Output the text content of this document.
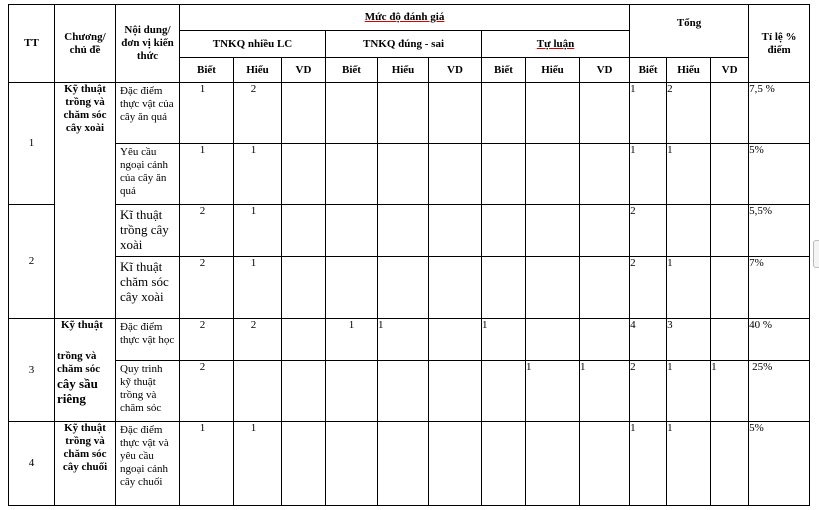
TT	Chương/ chủ đề	Nội dung/ đơn vị kiến thức	Mức độ đánh giá									Tổng			Tỉ lệ % điểm
			TNKQ nhiều LC			TNKQ đúng - sai			Tự luận						
			Biết	Hiểu	VD	Biết	Hiểu	VD	Biết	Hiểu	VD	Biết	Hiểu	VD	
1	Kỹ thuật trồng và chăm sóc cây xoài	Đặc điểm thực vật của cây ăn quả	1	2								1	2		7,5 %
		Yêu cầu ngoại cảnh của cây ăn quả	1	1								1	1		5%
2		Kĩ thuật trồng cây xoài	2	1								2			5,5%
		Kĩ thuật chăm sóc cây xoài	2	1								2	1		7%
3	Kỹ thuật
trồng và chăm sóc
cây sầu riêng	Đặc điểm thực vật học	2	2		1	1		1			4	3		40 %
		Quy trình kỹ thuật trồng và chăm sóc	2							1	1	2	1	1	25%
4	Kỹ thuật trồng và chăm sóc cây chuối	Đặc điểm thực vật và yêu cầu ngoại cảnh cây chuối	1	1								1	1		5%
